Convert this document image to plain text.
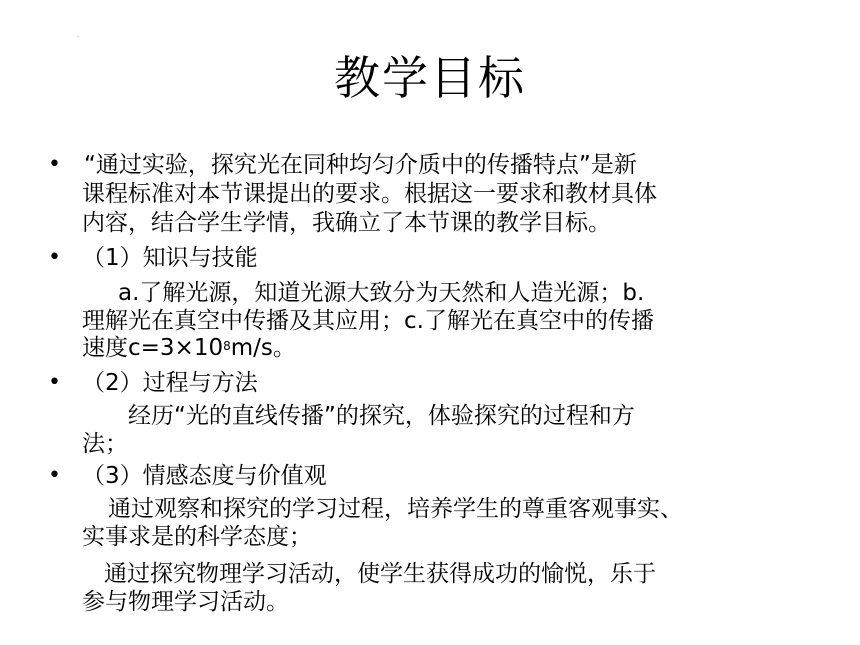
·
教学目标
•
•
•
•
“通过实验，探究光在同种均匀介质中的传播特点”是新
课程标准对本节课提出的要求。根据这一要求和教材具体
内容，结合学生学情，我确立了本节课的教学目标。
（1）知识与技能
a.了解光源，知道光源大致分为天然和人造光源；b.
理解光在真空中传播及其应用；c.了解光在真空中的传播
速度$c=3\times 10^8m/s$。
（2）过程与方法
经历“光的直线传播”的探究，体验探究的过程和方
法；
（3）情感态度与价值观
通过观察和探究的学习过程，培养学生的尊重客观事实、
实事求是的科学态度；
通过探究物理学习活动，使学生获得成功的愉悦，乐于
参与物理学习活动。
